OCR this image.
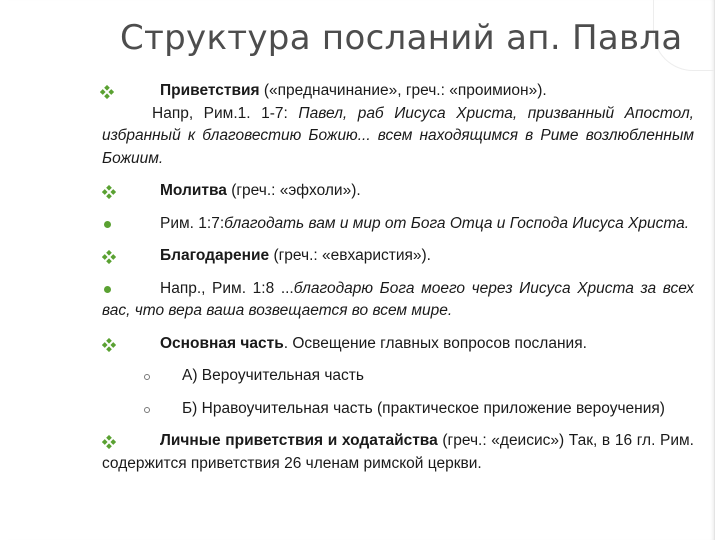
Структура посланий ап. Павла

Приветствия («предначинание», греч.: «проимион»).

Напр, Рим.1. 1-7: Павел, раб Иисуса Христа, призванный Апостол, избранный к благовестию Божию... всем находящимся в Риме возлюбленным Божиим.

Молитва (греч.: «эфхоли»).

Рим. 1:7:благодать вам и мир от Бога Отца и Господа Иисуса Христа.

Благодарение (греч.: «евхаристия»).

Напр., Рим. 1:8 ...благодарю Бога моего через Иисуса Христа за всех вас, что вера ваша возвещается во всем мире.

Основная часть. Освещение главных вопросов послания.

А) Вероучительная часть

Б) Нравоучительная часть (практическое приложение вероучения)

Личные приветствия и ходатайства (греч.: «деисис») Так, в 16 гл. Рим. содержится приветствия 26 членам римской церкви.
